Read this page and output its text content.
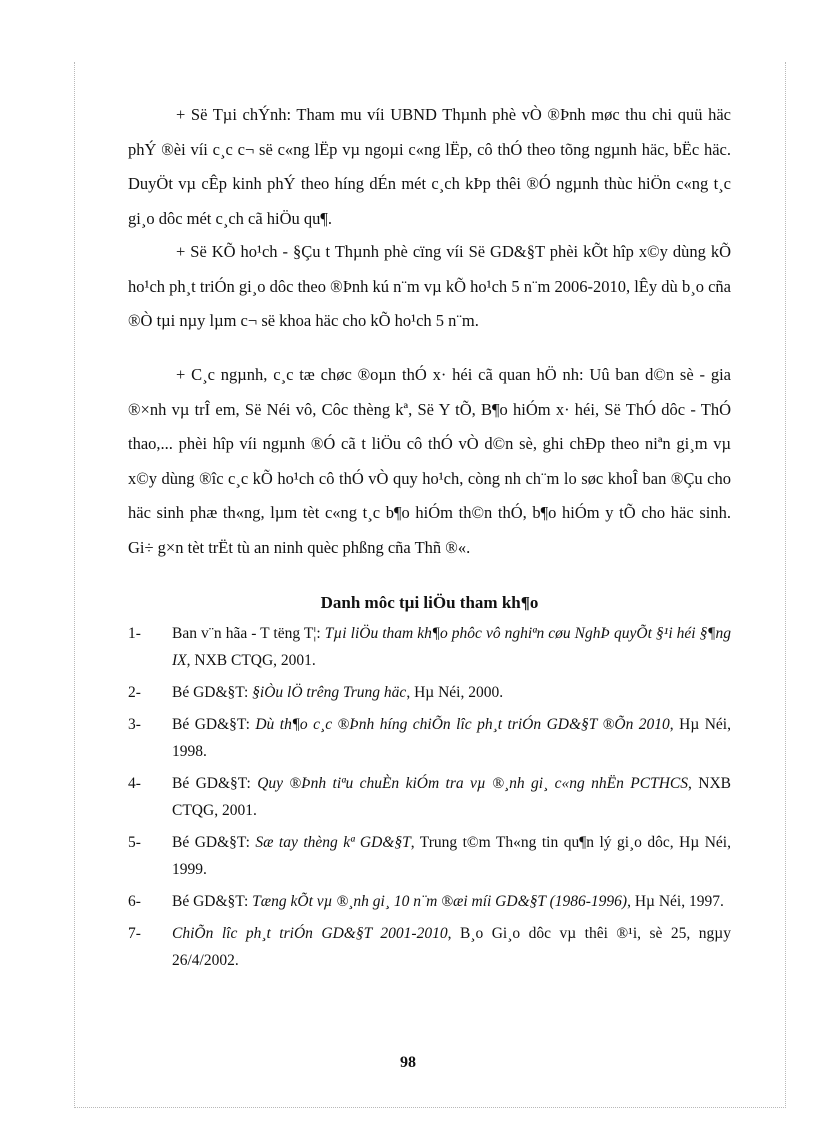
+ Së Tµi chÝnh: Tham mu víi UBND Thµnh phè vÒ ®Þnh møc thu chi quü häc phÝ ®èi víi c¸c c¬ së c«ng lËp vµ ngoµi c«ng lËp, cô thÓ theo tõng ngµnh häc, bËc häc. DuyÖt vµ cÊp kinh phÝ theo híng dÉn mét c¸ch kÞp thêi ®Ó ngµnh thùc hiÖn c«ng t¸c gi¸o dôc mét c¸ch cã hiÖu qu¶.

+ Së KÕ ho¹ch - §Çu t Thµnh phè cïng víi Së GD&§T phèi kÕt hîp x©y dùng kÕ ho¹ch ph¸t triÓn gi¸o dôc theo ®Þnh kú n¨m vµ kÕ ho¹ch 5 n¨m 2006-2010, lÊy dù b¸o cña ®Ò tµi nµy lµm c¬ së khoa häc cho kÕ ho¹ch 5 n¨m.

+ C¸c ngµnh, c¸c tæ chøc ®oµn thÓ x· héi cã quan hÖ nh: Uû ban d©n sè - gia ®×nh vµ trÎ em, Së Néi vô, Côc thèng kª, Së Y tÕ, B¶o hiÓm x· héi, Së ThÓ dôc - ThÓ thao,... phèi hîp víi ngµnh ®Ó cã t liÖu cô thÓ vÒ d©n sè, ghi chÐp theo niªn gi¸m vµ x©y dùng ®îc c¸c kÕ ho¹ch cô thÓ vÒ quy ho¹ch, còng nh ch¨m lo søc khoÎ ban ®Çu cho häc sinh phæ th«ng, lµm tèt c«ng t¸c b¶o hiÓm th©n thÓ, b¶o hiÓm y tÕ cho häc sinh. Gi÷ g×n tèt trËt tù an ninh quèc phßng cña Thñ ®«.

Danh môc tµi liÖu tham kh¶o

1- Ban v¨n hãa - T tëng T¦: Tµi liÖu tham kh¶o phôc vô nghiªn cøu NghÞ quyÕt §¹i héi §¶ng IX, NXB CTQG, 2001.
2- Bé GD&§T: §iÒu lÖ trêng Trung häc, Hµ Néi, 2000.
3- Bé GD&§T: Dù th¶o c¸c ®Þnh híng chiÕn lîc ph¸t triÓn GD&§T ®Õn 2010, Hµ Néi, 1998.
4- Bé GD&§T: Quy ®Þnh tiªu chuÈn kiÓm tra vµ ®¸nh gi¸ c«ng nhËn PCTHCS, NXB CTQG, 2001.
5- Bé GD&§T: Sæ tay thèng kª GD&§T, Trung t©m Th«ng tin qu¶n lý gi¸o dôc, Hµ Néi, 1999.
6- Bé GD&§T: Tæng kÕt vµ ®¸nh gi¸ 10 n¨m ®æi míi GD&§T (1986-1996), Hµ Néi, 1997.
7- ChiÕn lîc ph¸t triÓn GD&§T 2001-2010, B¸o Gi¸o dôc vµ thêi ®¹i, sè 25, ngµy 26/4/2002.
98
